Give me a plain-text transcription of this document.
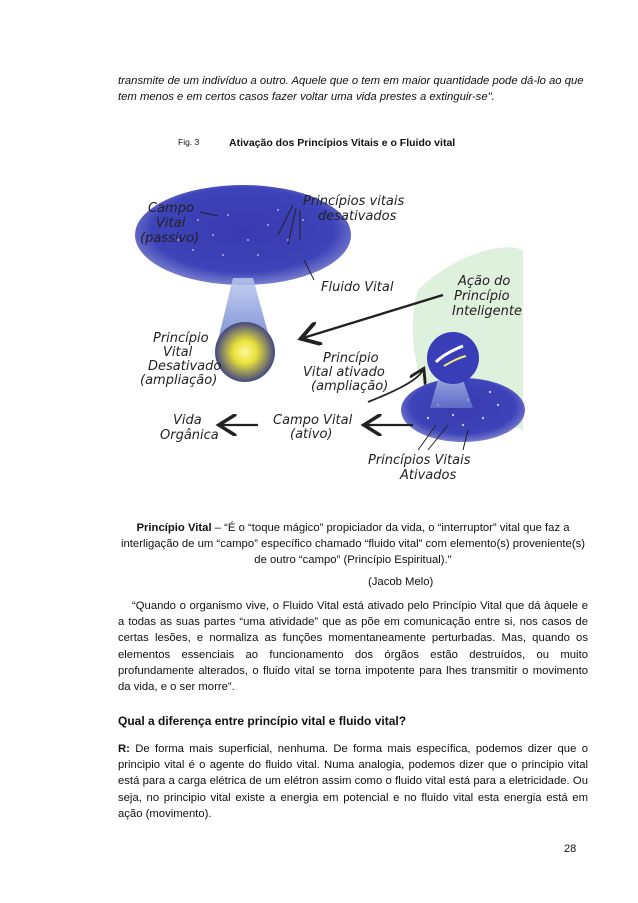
transmite de um indivíduo a outro. Aquele que o tem em maior quantidade pode dá-lo ao que tem menos e em certos casos fazer voltar uma vida prestes a extinguir-se".
Fig. 3	Ativação dos Princípios Vitais e o Fluido vital
Campo
Vital
(passivo)
Princípios vitais
desativados
Fluido Vital	Ação do
Princípio
Inteligente
Princípio
Vital
Desativado
(ampliação)
Princípio
Vital ativado
(ampliação)
Vida
Orgânica
Campo Vital
(ativo)
Princípios Vitais
Ativados
Princípio Vital – “É o “toque mágico” propiciador da vida, o “interruptor” vital que faz a interligação de um “campo” específico chamado “fluido vital” com elemento(s) proveniente(s) de outro “campo” (Princípio Espiritual)."
(Jacob Melo)
“Quando o organismo vive, o Fluido Vital está ativado pelo Princípio Vital que dá àquele e a todas as suas partes “uma atividade” que as põe em comunicação entre si, nos casos de certas lesões, e normaliza as funções momentaneamente perturbadas. Mas, quando os elementos essenciais ao funcionamento dos órgãos estão destruídos, ou muito profundamente alterados, o fluido vital se torna impotente para lhes transmitir o movimento da vida, e o ser morre”.
Qual a diferença entre princípio vital e fluido vital?
R: De forma mais superficial, nenhuma. De forma mais específica, podemos dizer que o principio vital é o agente do fluido vital. Numa analogia, podemos dizer que o principio vital está para a carga elétrica de um elétron assim como o fluido vital está para a eletricidade. Ou seja, no principio vital existe a energia em potencial e no fluido vital esta energia está em ação (movimento).
28
